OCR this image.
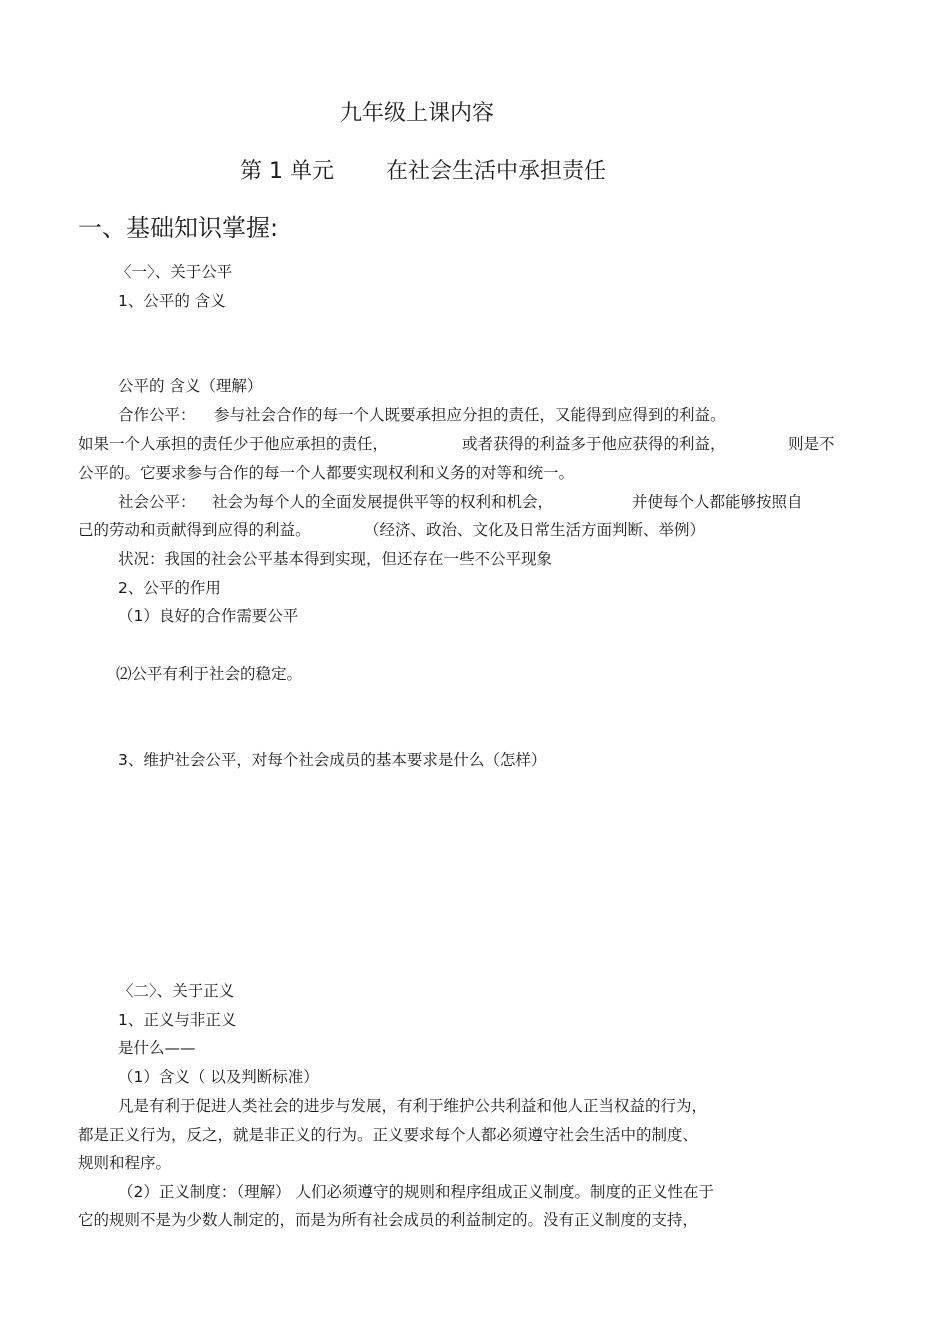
九年级上课内容
第 1 单元 在社会生活中承担责任
一、基础知识掌握:
〈一〉、关于公平
1、公平的 含义
公平的 含义（理解）
合作公平： 参与社会合作的每一个人既要承担应分担的责任，又能得到应得到的利益。
如果一个人承担的责任少于他应承担的责任，	或者获得的利益多于他应获得的利益，	则是不
公平的。它要求参与合作的每一个人都要实现权利和义务的对等和统一。
社会公平： 社会为每个人的全面发展提供平等的权利和机会，	并使每个人都能够按照自
己的劳动和贡献得到应得的利益。	（经济、政治、文化及日常生活方面判断、举例）
状况：我国的社会公平基本得到实现，但还存在一些不公平现象
2、公平的作用
（1）良好的合作需要公平
⑵公平有利于社会的稳定。
3、维护社会公平，对每个社会成员的基本要求是什么（怎样）
〈二〉、关于正义
1、正义与非正义
是什么——
（1）含义（ 以及判断标准）
凡是有利于促进人类社会的进步与发展，有利于维护公共利益和他人正当权益的行为，
都是正义行为，反之，就是非正义的行为。正义要求每个人都必须遵守社会生活中的制度、
规则和程序。
（2）正义制度：（理解） 人们必须遵守的规则和程序组成正义制度。制度的正义性在于
它的规则不是为少数人制定的，而是为所有社会成员的利益制定的。没有正义制度的支持，
